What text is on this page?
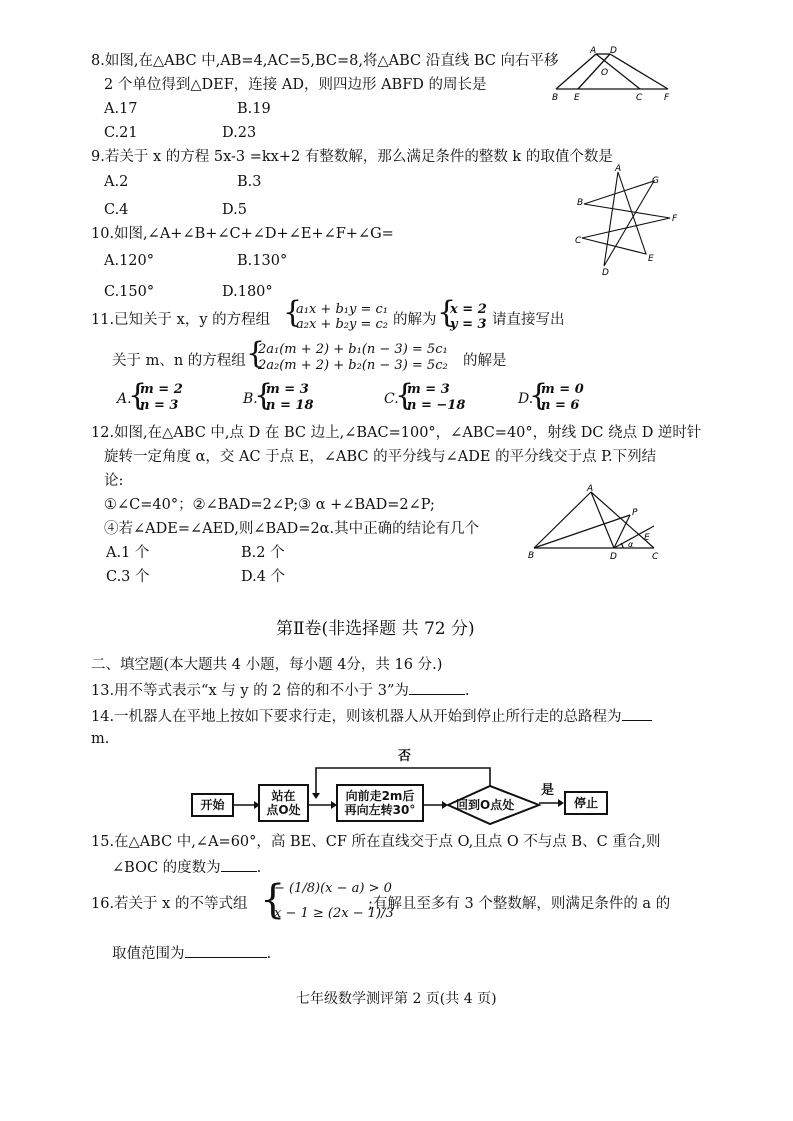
8.如图,在△ABC 中,AB=4,AC=5,BC=8,将△ABC 沿直线 BC 向右平移
2 个单位得到△DEF，连接 AD，则四边形 ABFD 的周长是
A.17	B.19
C.21	D.23
A D
O
B E	C F
9.若关于 x 的方程 5x-3 =kx+2 有整数解，那么满足条件的整数 k 的取值个数是
A.2	B.3
C.4	D.5
10.如图,∠A+∠B+∠C+∠D+∠E+∠F+∠G=
A.120°	B.130°
C.150°	D.180°
A
G
B
F
C
E
D
11.已知关于 x，y 的方程组 {
a₁x + b₁y = c₁
a₂x + b₂y = c₂ 的解为 {
x = 2
y = 3 请直接写出
关于 m、n 的方程组 {
2a₁(m + 2) + b₁(n − 3) = 5c₁
2a₂(m + 2) + b₂(n − 3) = 5c₂ 的解是
A.
{
m = 2
n = 3	B.
{
m = 3
n = 18	C.
{
m = 3
n = −18	D.
{
m = 0
n = 6
12.如图,在△ABC 中,点 D 在 BC 边上,∠BAC=100°，∠ABC=40°，射线 DC 绕点 D 逆时针
旋转一定角度 α，交 AC 于点 E，∠ABC 的平分线与∠ADE 的平分线交于点 P.下列结
论:
①∠C=40°；②∠BAD=2∠P;③ α +∠BAD=2∠P;
④若∠ADE=∠AED,则∠BAD=2α.其中正确的结论有几个
A.1 个	B.2 个
C.3 个	D.4 个
A
P
E
α
B	D	C
第Ⅱ卷(非选择题 共 72 分)
二、填空题(本大题共 4 小题，每小题 4分，共 16 分.)
13.用不等式表示“x 与 y 的 2 倍的和不小于 3”为	.
14.一机器人在平地上按如下要求行走，则该机器人从开始到停止所行走的总路程为
m.
否
是
开始
站在
点O处
向前走2m后
再向左转30°	回到O点处	停止
15.在△ABC 中,∠A=60°，高 BE、CF 所在直线交于点 O,且点 O 不与点 B、C 重合,则
∠BOC 的度数为 .
16.若关于 x 的不等式组 {
− (1/8)(x − a) > 0
x − 1 ≥ (2x − 1)/3
;有解且至多有 3 个整数解，则满足条件的 a 的
取值范围为	.
七年级数学测评第 2 页(共 4 页)
